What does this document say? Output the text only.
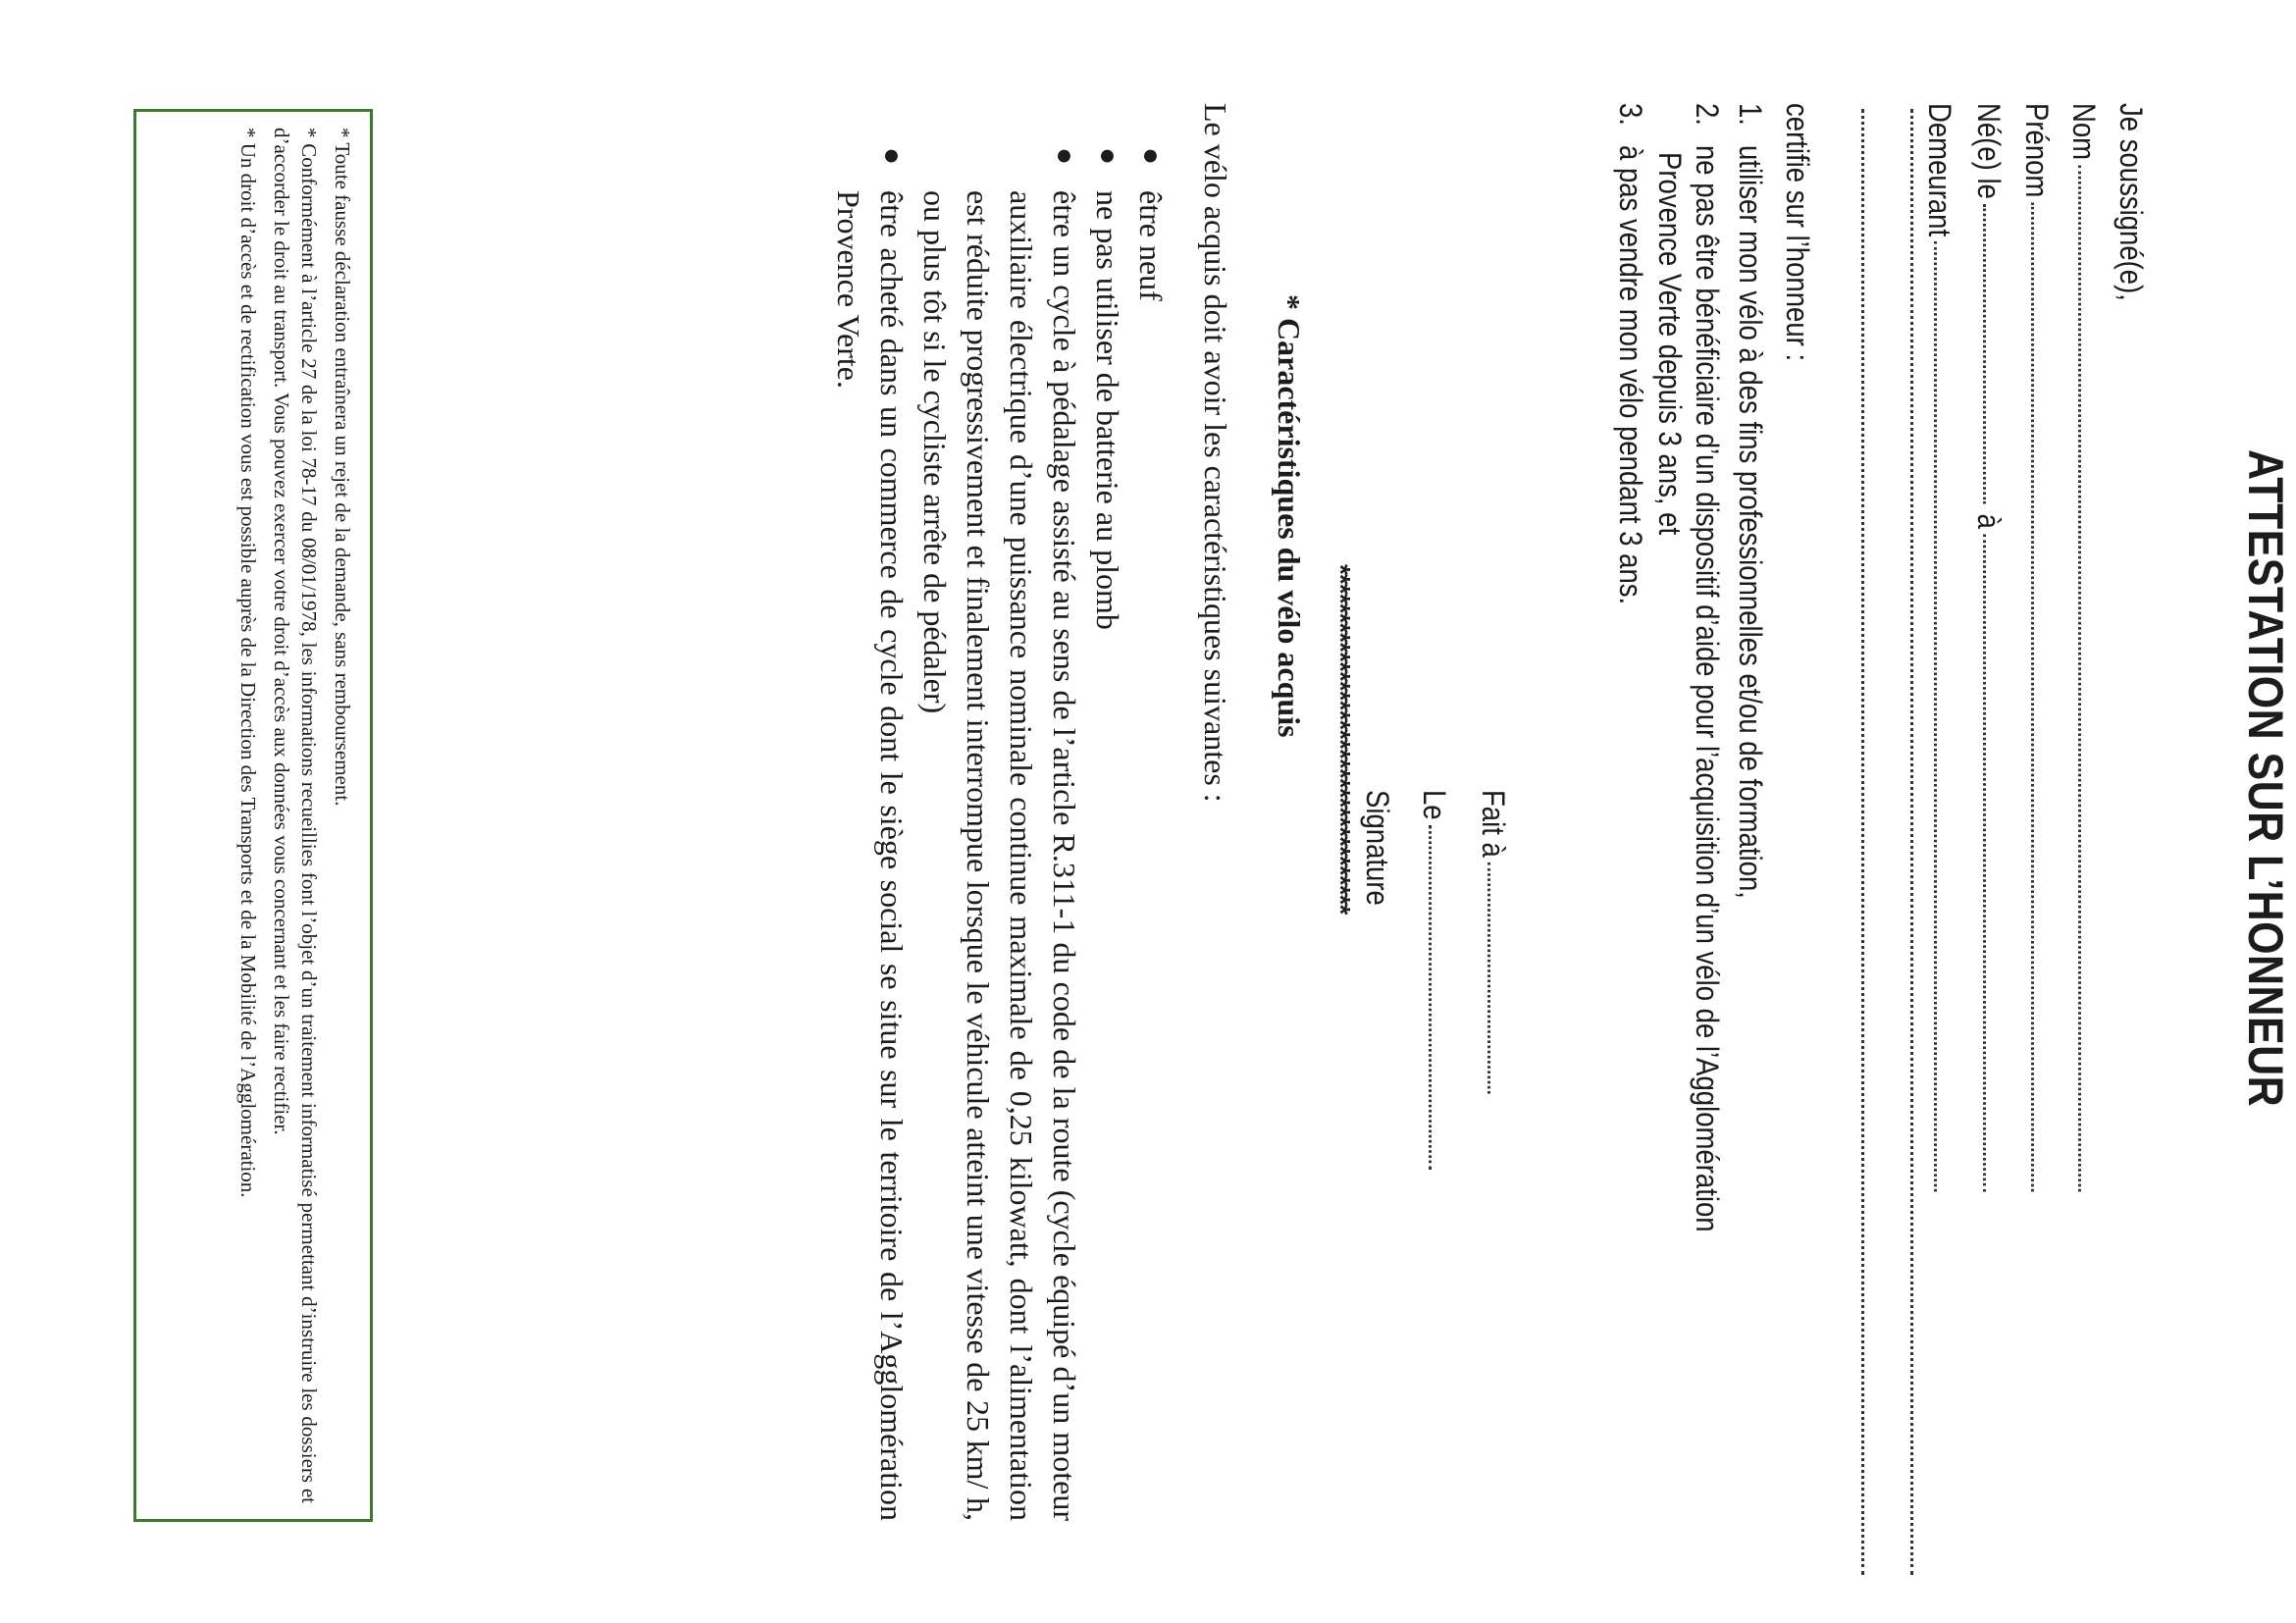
ATTESTATION SUR L’HONNEUR
Je soussigné(e),
Nom
Prénom
Né(e) le
à
Demeurant
certifie sur l’honneur :
1.utiliser mon vélo à des fins professionnelles et/ou de formation,
2.ne pas être bénéficiaire d’un dispositif d’aide pour l’acquisition d’un vélo de l’Agglomération
Provence Verte depuis 3 ans, et
3.à pas vendre mon vélo pendant 3 ans.
Fait à
Le
Signature
************************************
* Caractéristiques du vélo acquis
Le vélo acquis doit avoir les caractéristiques suivantes :
●
être neuf
●
ne pas utiliser de batterie au plomb
●
être un cycle à pédalage assisté au sens de l’article R.311-1 du code de la route (cycle équipé d’un moteur auxiliaire électrique d’une puissance nominale continue maximale de 0,25 kilowatt, dont l’alimentation est réduite progressivement et finalement interrompue lorsque le véhicule atteint une vitesse de 25 km/ h, ou plus tôt si le cycliste arrête de pédaler)
●
être acheté dans un commerce de cycle dont le siège social se situe sur le territoire de l’Agglomération Provence Verte.

* Toute fausse déclaration entraînera un rejet de la demande, sans remboursement.

* Conformément à l’article 27 de la loi 78-17 du 08/01/1978, les informations recueillies font l’objet d’un traitement informatisé permettant d’instruire les dossiers et d’accorder le droit au transport. Vous pouvez exercer votre droit d’accès aux données vous concernant et les faire rectifier.

* Un droit d’accès et de rectification vous est possible auprès de la Direction des Transports et de la Mobilité de l’Agglomération.
